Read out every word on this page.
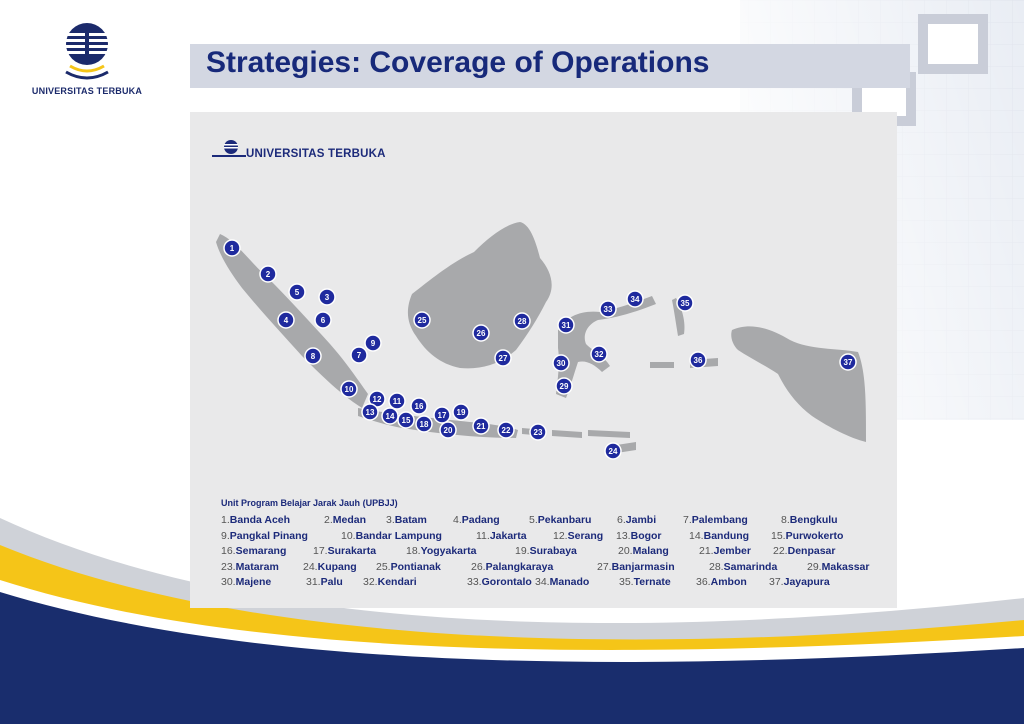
UNIVERSITAS TERBUKA
Strategies: Coverage of Operations
UNIVERSITAS TERBUKA
1
2
5
3
4	6
9
8	7
10
12 11
16
13 14 15 18
17 19
20	21 22	23
24
25
26
28
27
31
30
32
29
33
34	35
36	37
Unit Program Belajar Jarak Jauh (UPBJJ)
1.Banda Aceh	2.Medan 3.Batam 4.Padang	5.Pekanbaru 6.Jambi	7.Palembang	8.Bengkulu
9.Pangkal Pinang	10.Bandar Lampung	11.Jakarta	12.Serang 13.Bogor	14.Bandung 15.Purwokerto
16.Semarang	17.Surakarta	18.Yogyakarta	19.Surabaya	20.Malang	21.Jember 22.Denpasar
23.Mataram 24.Kupang 25.Pontianak	26.Palangkaraya	27.Banjarmasin	28.Samarinda	29.Makassar
30.Majene	31.Palu 32.Kendari	33.Gorontalo 34.Manado	35.Ternate 36.Ambon 37.Jayapura
